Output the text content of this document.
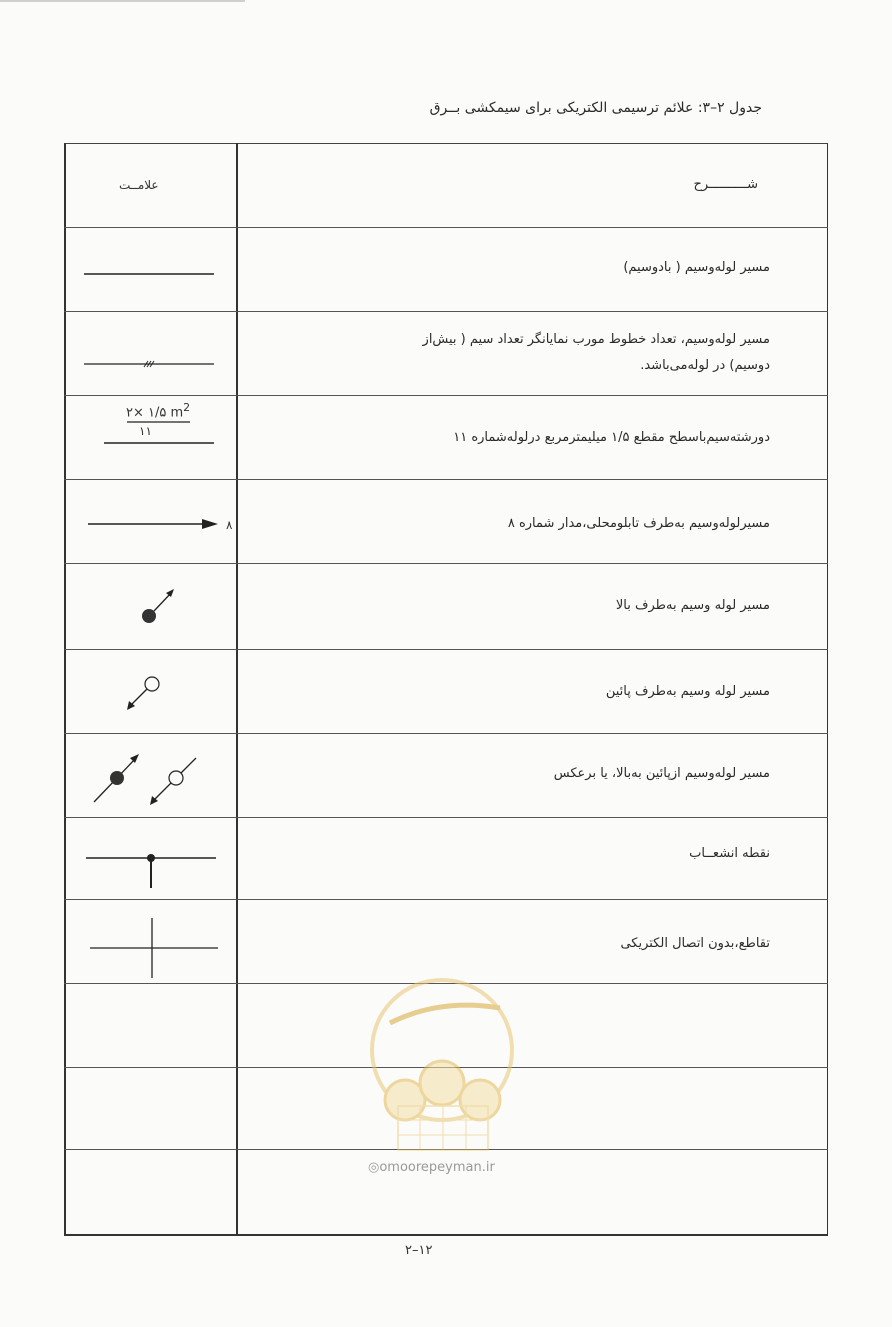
جدول ۲–۳: علائم ترسیمی الکتریکی برای سیمکشی بــرق
شــــــــــرح
علامــت
مسیر لوله‌وسیم ( بادوسیم)
مسیر لوله‌وسیم، تعداد خطوط مورب نمایانگر تعداد سیم ( بیش‌از
دوسیم) در لوله‌می‌باشد.
دورشته‌سیم‌باسطح مقطع ۱/۵ میلیمترمربع درلوله‌شماره ۱۱
۲× ۱/۵ $m^2$
۱۱
مسیرلوله‌وسیم به‌طرف تابلومحلی،مدار شماره ۸
۸
مسیر لوله وسیم به‌طرف بالا
مسیر لوله وسیم به‌طرف پائین
مسیر لوله‌وسیم ازپائین به‌بالا، یا برعکس
نقطه انشعــاب
تقاطع،بدون اتصال الکتریکی
◎omoorepeyman.ir
۲–۱۲
